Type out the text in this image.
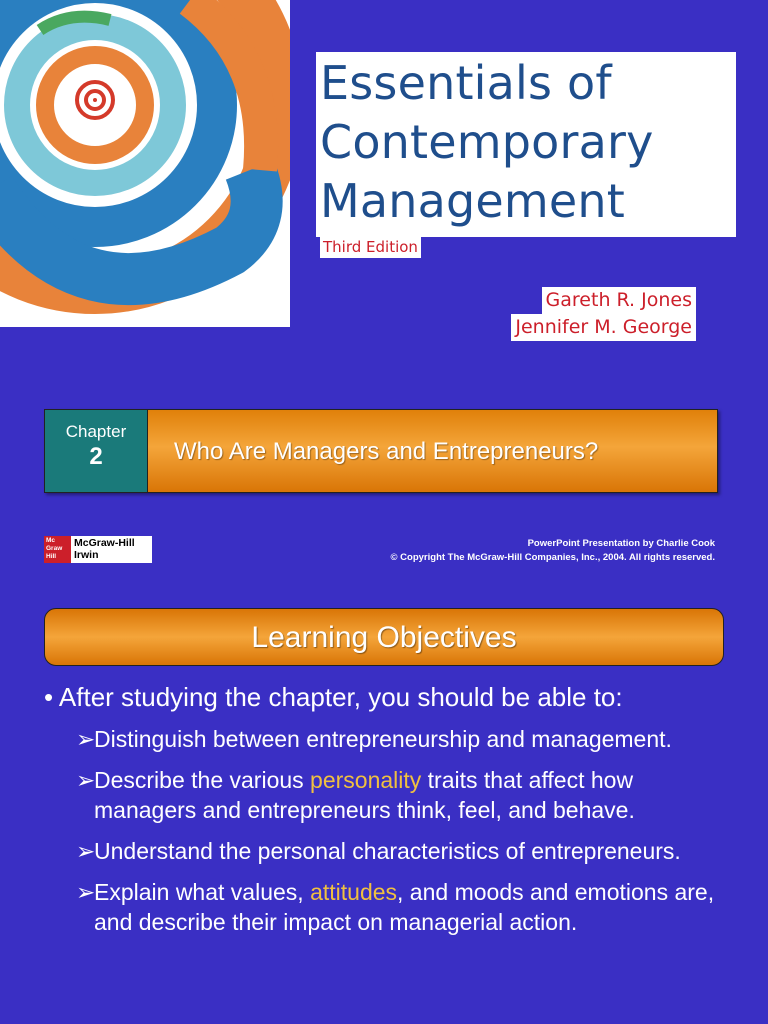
Essentials of
Contemporary
Management
Third Edition
Gareth R. Jones
Jennifer M. George
Chapter
2	Who Are Managers and Entrepreneurs?
Mc
Graw
Hill
McGraw-Hill
Irwin
PowerPoint Presentation by Charlie Cook
© Copyright The McGraw-Hill Companies, Inc., 2004. All rights reserved.
Learning Objectives
• After studying the chapter, you should be able to:
➢
Distinguish between entrepreneurship and management.
➢
Describe the various personality traits that affect how managers and entrepreneurs think, feel, and behave.
➢
Understand the personal characteristics of entrepreneurs.
➢
Explain what values, attitudes, and moods and emotions are, and describe their impact on managerial action.
